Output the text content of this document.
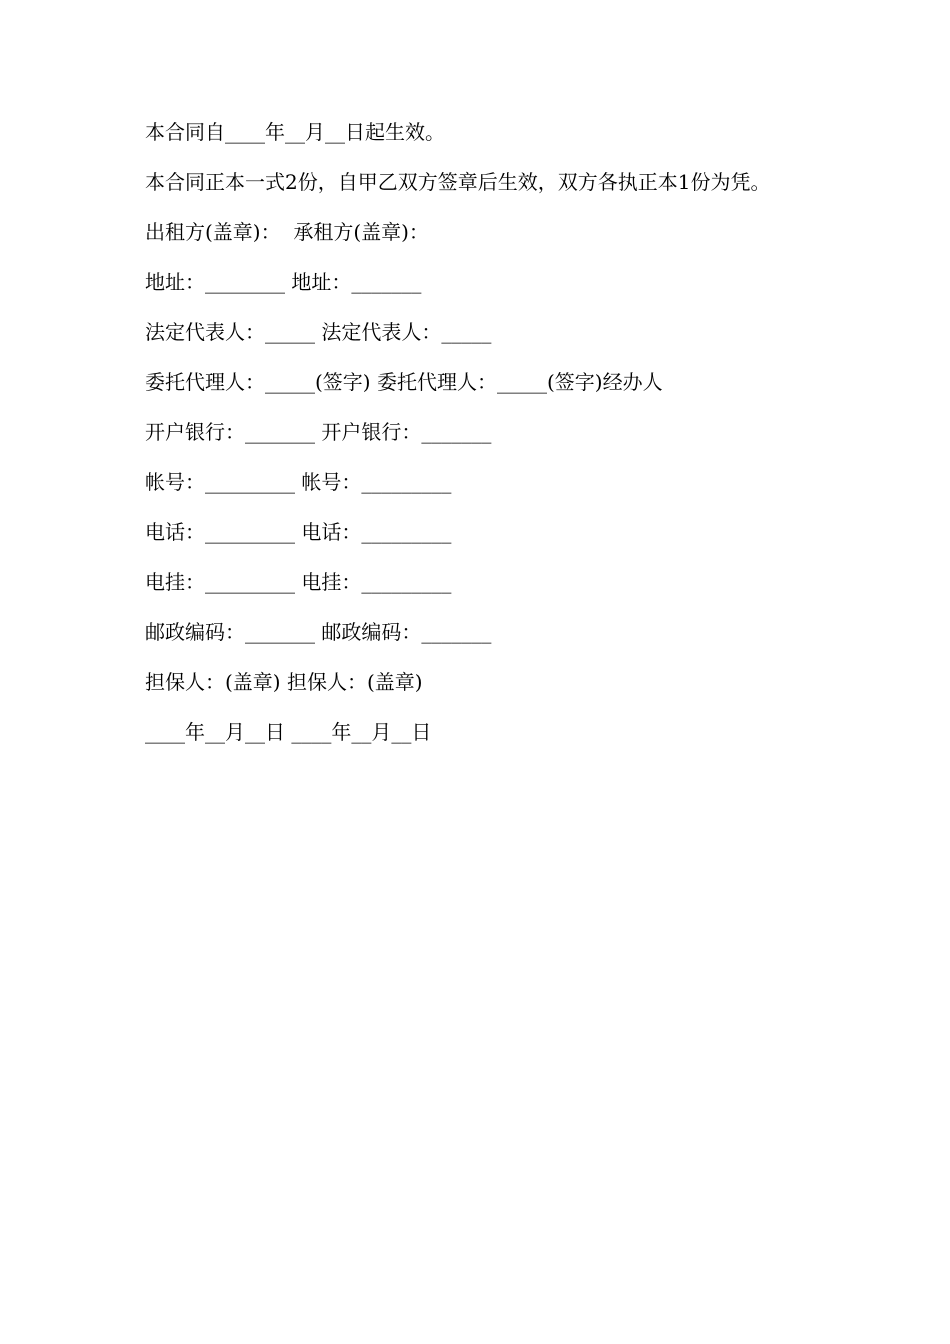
本合同自____年__月__日起生效。

本合同正本一式2份，自甲乙双方签章后生效，双方各执正本1份为凭。

出租方(盖章)：  承租方(盖章)：

地址：________ 地址：_______

法定代表人：_____ 法定代表人：_____

委托代理人：_____(签字) 委托代理人：_____(签字)经办人

开户银行：_______ 开户银行：_______

帐号：_________ 帐号：_________

电话：_________ 电话：_________

电挂：_________ 电挂：_________

邮政编码：_______ 邮政编码：_______

担保人：(盖章) 担保人：(盖章)

____年__月__日 ____年__月__日
